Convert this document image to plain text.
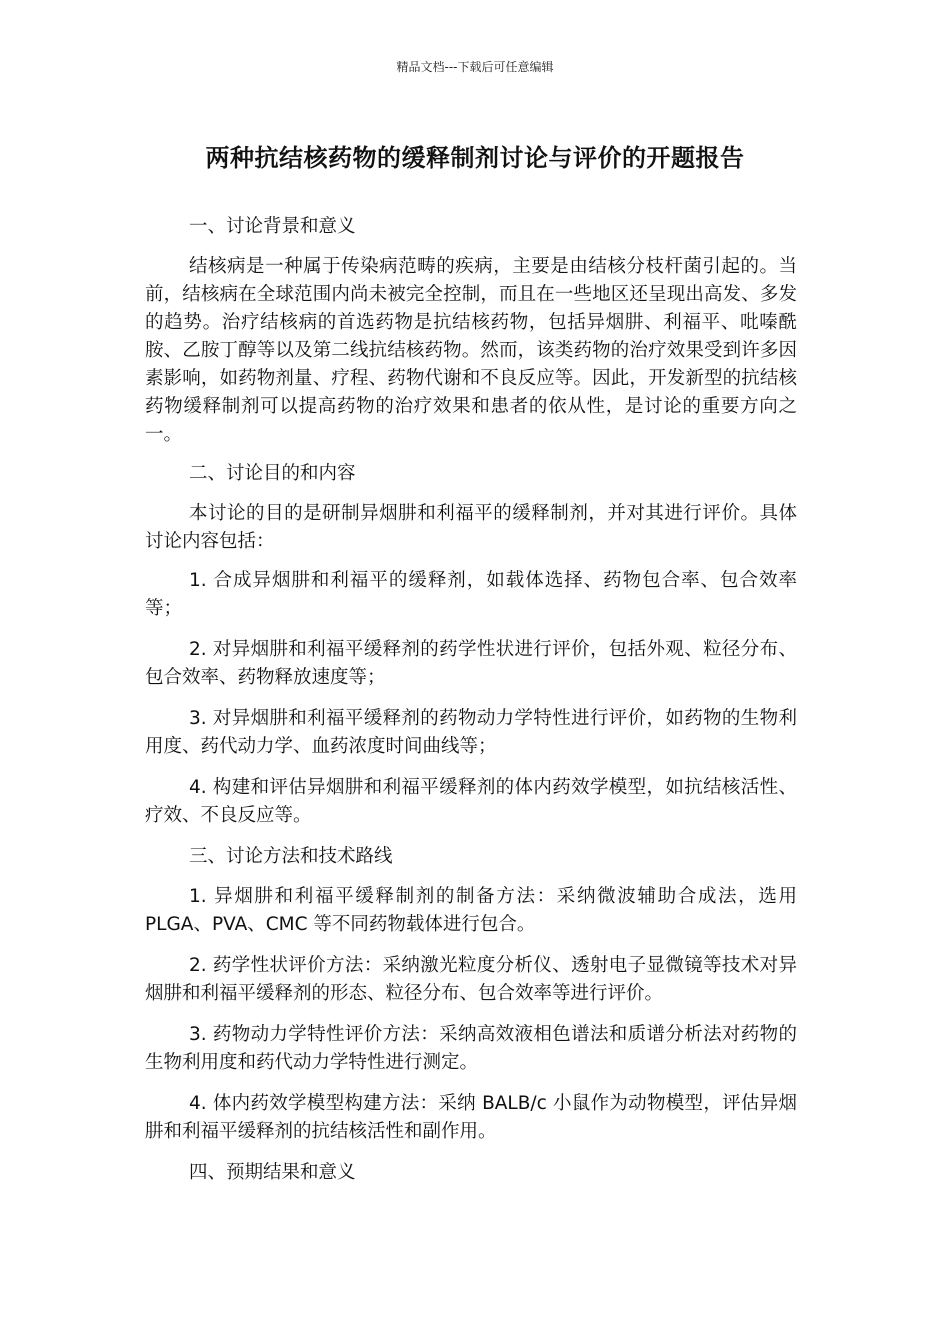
精品文档---下载后可任意编辑
两种抗结核药物的缓释制剂讨论与评价的开题报告

一、讨论背景和意义

结核病是一种属于传染病范畴的疾病，主要是由结核分枝杆菌引起的。当前，结核病在全球范围内尚未被完全控制，而且在一些地区还呈现出高发、多发的趋势。治疗结核病的首选药物是抗结核药物，包括异烟肼、利福平、吡嗪酰胺、乙胺丁醇等以及第二线抗结核药物。然而，该类药物的治疗效果受到许多因素影响，如药物剂量、疗程、药物代谢和不良反应等。因此，开发新型的抗结核药物缓释制剂可以提高药物的治疗效果和患者的依从性，是讨论的重要方向之一。

二、讨论目的和内容

本讨论的目的是研制异烟肼和利福平的缓释制剂，并对其进行评价。具体讨论内容包括：

1. 合成异烟肼和利福平的缓释剂，如载体选择、药物包合率、包合效率等；

2. 对异烟肼和利福平缓释剂的药学性状进行评价，包括外观、粒径分布、包合效率、药物释放速度等；

3. 对异烟肼和利福平缓释剂的药物动力学特性进行评价，如药物的生物利用度、药代动力学、血药浓度时间曲线等；

4. 构建和评估异烟肼和利福平缓释剂的体内药效学模型，如抗结核活性、疗效、不良反应等。

三、讨论方法和技术路线

1. 异烟肼和利福平缓释制剂的制备方法：采纳微波辅助合成法，选用 PLGA、PVA、CMC 等不同药物载体进行包合。

2. 药学性状评价方法：采纳激光粒度分析仪、透射电子显微镜等技术对异烟肼和利福平缓释剂的形态、粒径分布、包合效率等进行评价。

3. 药物动力学特性评价方法：采纳高效液相色谱法和质谱分析法对药物的生物利用度和药代动力学特性进行测定。

4. 体内药效学模型构建方法：采纳 BALB/c 小鼠作为动物模型，评估异烟肼和利福平缓释剂的抗结核活性和副作用。

四、预期结果和意义
